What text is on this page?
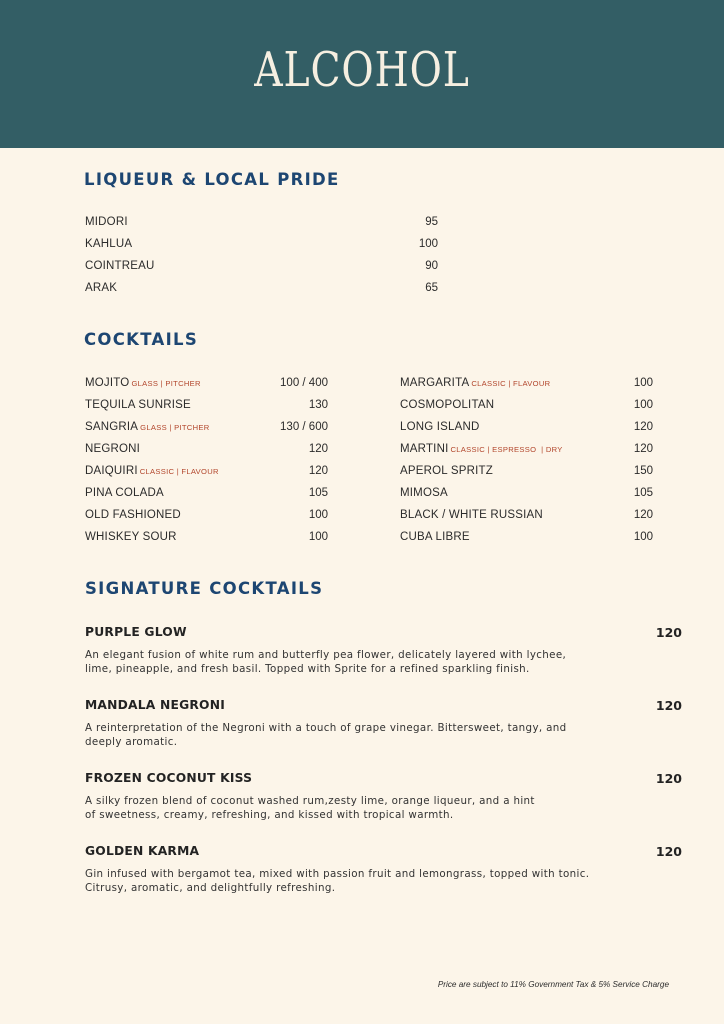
ALCOHOL
LIQUEUR & LOCAL PRIDE
MIDORI	95
KAHLUA	100
COINTREAU	90
ARAK	65
COCKTAILS
MOJITO GLASS | PITCHER	100 / 400
TEQUILA SUNRISE	130
SANGRIA GLASS | PITCHER	130 / 600
NEGRONI	120
DAIQUIRI CLASSIC | FLAVOUR	120
PINA COLADA	105
OLD FASHIONED	100
WHISKEY SOUR	100
MARGARITA CLASSIC | FLAVOUR	100
COSMOPOLITAN	100
LONG ISLAND	120
MARTINI CLASSIC | ESPRESSO  | DRY	120
APEROL SPRITZ	150
MIMOSA	105
BLACK / WHITE RUSSIAN	120
CUBA LIBRE	100
SIGNATURE COCKTAILS
PURPLE GLOW	120
An elegant fusion of white rum and butterfly pea flower, delicately layered with lychee,
lime, pineapple, and fresh basil. Topped with Sprite for a refined sparkling finish.
MANDALA NEGRONI	120
A reinterpretation of the Negroni with a touch of grape vinegar. Bittersweet, tangy, and
deeply aromatic.
FROZEN COCONUT KISS	120
A silky frozen blend of coconut washed rum,zesty lime, orange liqueur, and a hint
of sweetness, creamy, refreshing, and kissed with tropical warmth.
GOLDEN KARMA	120
Gin infused with bergamot tea, mixed with passion fruit and lemongrass, topped with tonic.
Citrusy, aromatic, and delightfully refreshing.
Price are subject to 11% Government Tax & 5% Service Charge
